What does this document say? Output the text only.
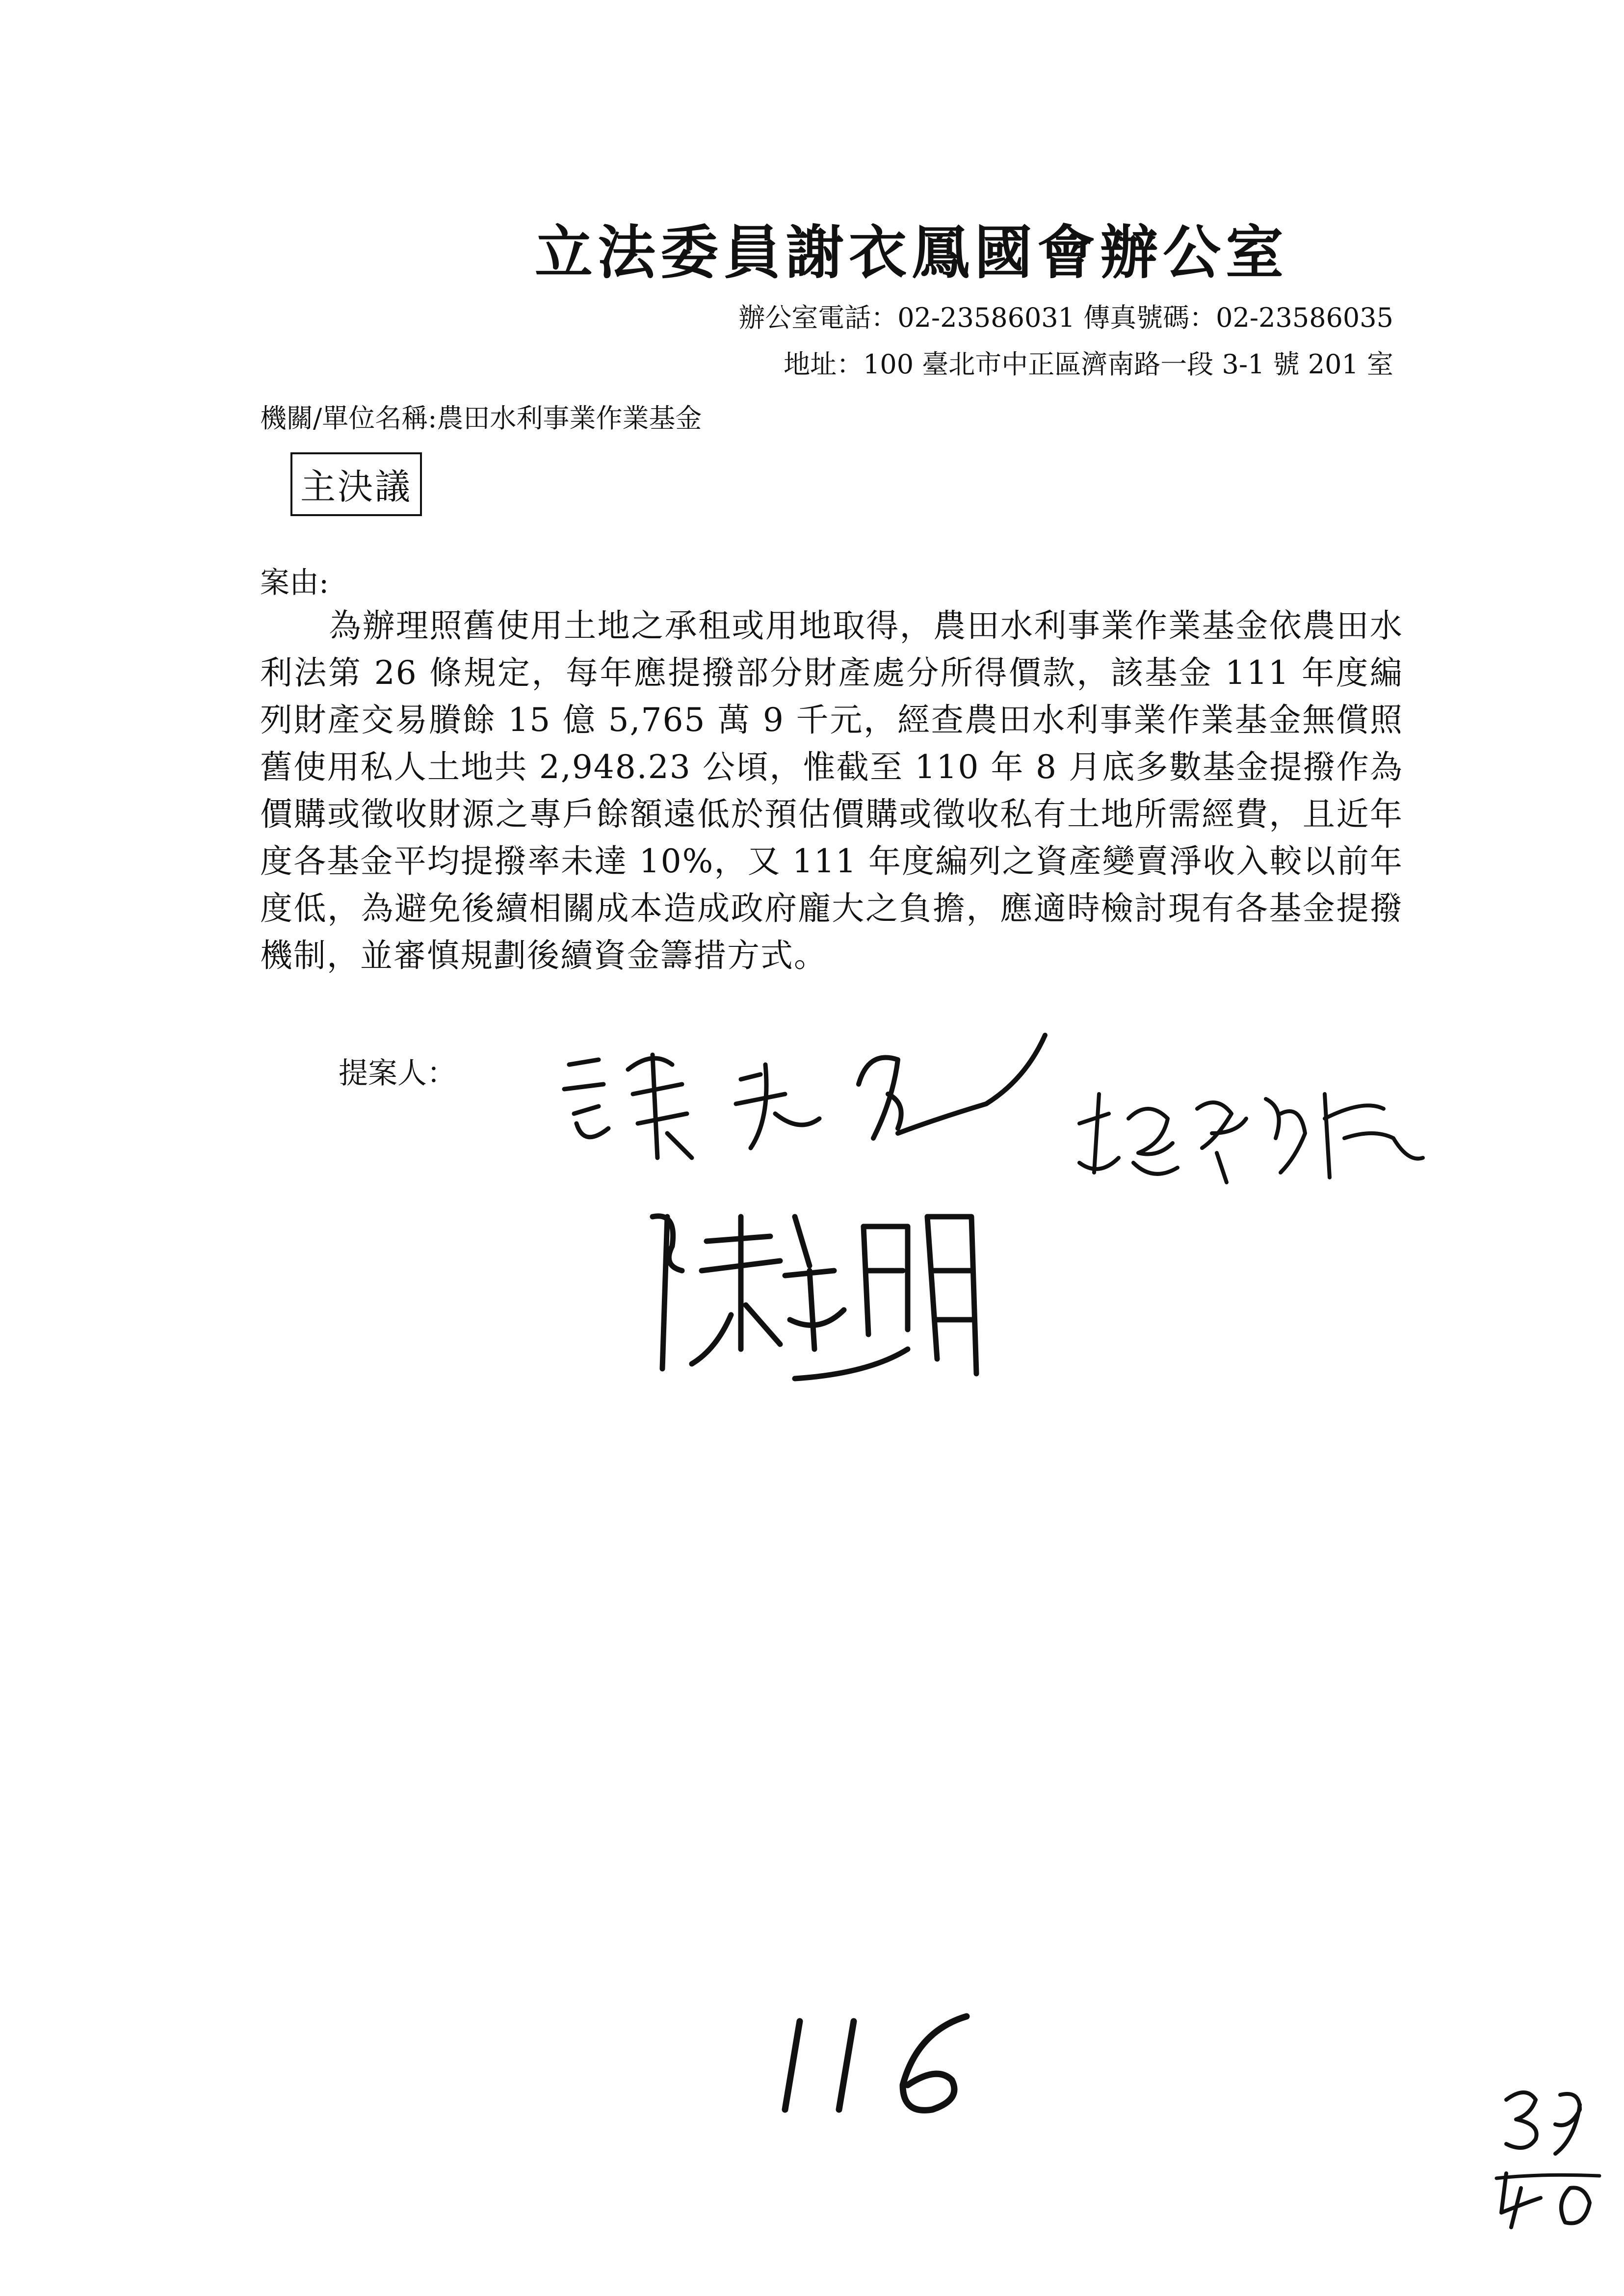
立法委員謝衣鳳國會辦公室
辦公室電話：02-23586031 傳真號碼：02-23586035
地址：100 臺北市中正區濟南路一段 3-1 號 201 室
機關/單位名稱:農田水利事業作業基金
主決議
案由:
為辦理照舊使用土地之承租或用地取得，農田水利事業作業基金依農田水利法第 26 條規定，每年應提撥部分財產處分所得價款，該基金 111 年度編列財產交易賸餘 15 億 5,765 萬 9 千元，經查農田水利事業作業基金無償照舊使用私人土地共 2,948.23 公頃，惟截至 110 年 8 月底多數基金提撥作為價購或徵收財源之專戶餘額遠低於預估價購或徵收私有土地所需經費，且近年度各基金平均提撥率未達 10%，又 111 年度編列之資產變賣淨收入較以前年度低，為避免後續相關成本造成政府龐大之負擔，應適時檢討現有各基金提撥機制，並審慎規劃後續資金籌措方式。
提案人：
